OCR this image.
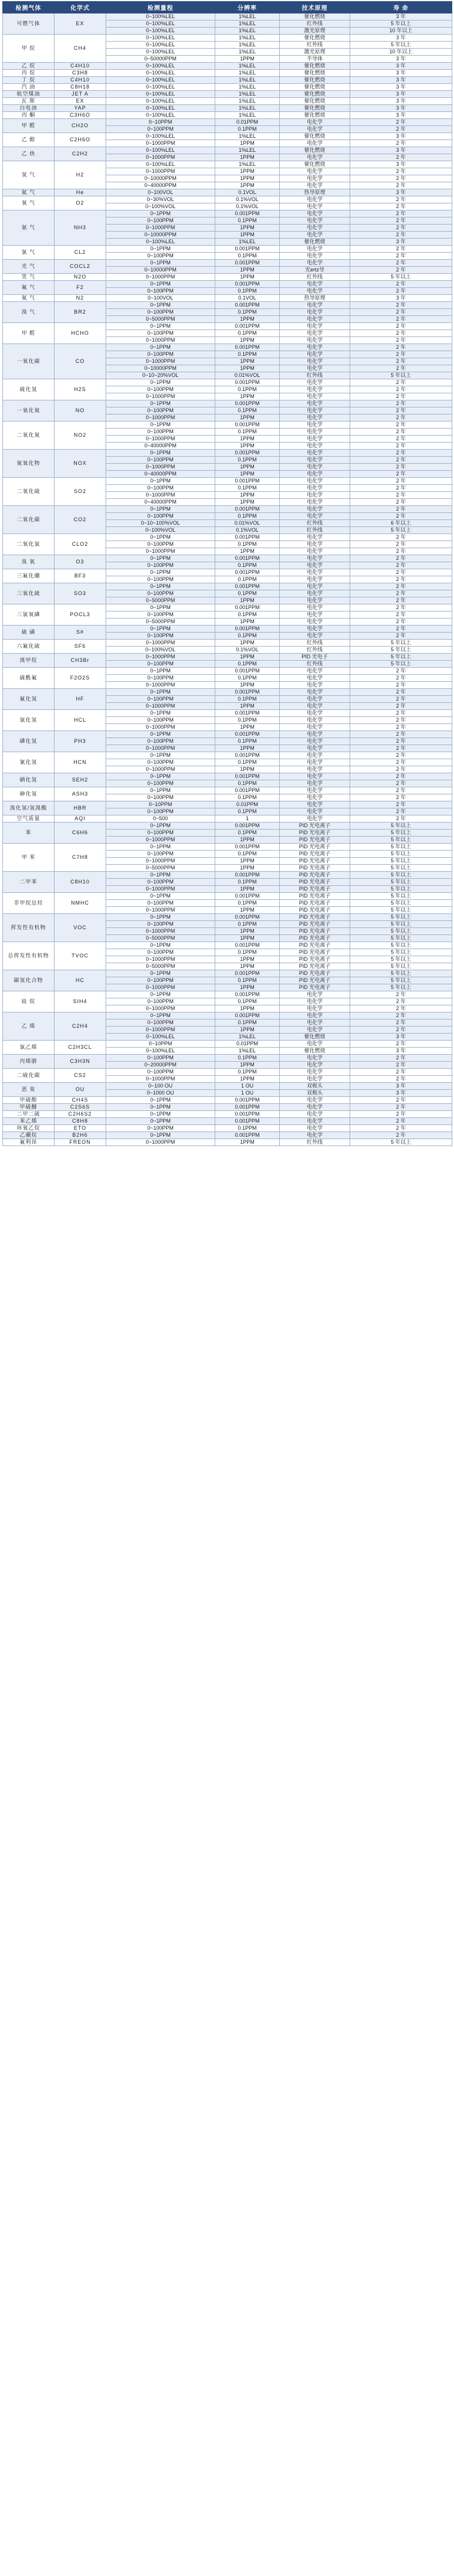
检测气体	化学式	检测量程	分辨率	技术原理	寿 命
可燃气体	EX	0~100%LEL	1%LEL	催化燃烧	3 年
		0~100%LEL	1%LEL	红外线	5 年以上
		0~100%LEL	1%LEL	激光原理	10 年以上
甲 烷	CH4	0~100%LEL	1%LEL	催化燃烧	3 年
		0~100%LEL	1%LEL	红外线	5 年以上
		0~100%LEL	1%LEL	激光原理	10 年以上
		0~50000PPM	1PPM	半导体	3 年
乙 烷	C4H10	0~100%LEL	1%LEL	催化燃烧	3 年
丙 烷	C3H8	0~100%LEL	1%LEL	催化燃烧	3 年
丁 烷	C4H10	0~100%LEL	1%LEL	催化燃烧	3 年
汽 油	C8H18	0~100%LEL	1%LEL	催化燃烧	3 年
航空煤油	JET A	0~100%LEL	1%LEL	催化燃烧	3 年
瓦 斯	EX	0~100%LEL	1%LEL	催化燃烧	3 年
白电油	YAP	0~100%LEL	1%LEL	催化燃烧	3 年
丙 酮	C3H6O	0~100%LEL	1%LEL	催化燃烧	3 年
甲 醛	CH2O	0~10PPM	0.01PPM	电化学	2 年
		0~100PPM	0.1PPM	电化学	2 年
乙 醇	C2H6O	0~100%LEL	1%LEL	催化燃烧	3 年
		0~1000PPM	1PPM	电化学	2 年
乙 炔	C2H2	0~100%LEL	1%LEL	催化燃烧	3 年
		0~1000PPM	1PPM	电化学	2 年
氢 气	H2	0~100%LEL	1%LEL	催化燃烧	3 年
		0~1000PPM	1PPM	电化学	2 年
		0~10000PPM	1PPM	电化学	2 年
		0~40000PPM	1PPM	电化学	2 年
氦 气	He	0~100VOL	0.1VOL	热导原理	3 年
氧 气	O2	0~30%VOL	0.1%VOL	电化学	2 年
		0~100%VOL	0.1%VOL	电化学	2 年
氨 气	NH3	0~1PPM	0.001PPM	电化学	2 年
		0~100PPM	0.1PPM	电化学	2 年
		0~1000PPM	1PPM	电化学	2 年
		0~10000PPM	1PPM	电化学	2 年
		0~100%LEL	1%LEL	催化燃烧	3 年
氯 气	CL2	0~1PPM	0.001PPM	电化学	2 年
		0~100PPM	0.1PPM	电化学	2 年
光 气	COCL2	0~1PPM	0.001PPM	电化学	2 年
		0~10000PPM	1PPM	光ertz导	2 年
笑 气	N2O	0~1000PPM	1PPM	红外线	5 年以上
氟 气	F2	0~1PPM	0.001PPM	电化学	2 年
		0~100PPM	0.1PPM	电化学	2 年
氮 气	N2	0~100VOL	0.1VOL	热导原理	3 年
溴 气	BR2	0~1PPM	0.001PPM	电化学	2 年
		0~100PPM	0.1PPM	电化学	2 年
		0~5000PPM	1PPM	电化学	2 年
甲 醛	HCHO	0~1PPM	0.001PPM	电化学	2 年
		0~100PPM	0.1PPM	电化学	2 年
		0~1000PPM	1PPM	电化学	2 年
一氧化碳	CO	0~1PPM	0.001PPM	电化学	2 年
		0~100PPM	0.1PPM	电化学	2 年
		0~1000PPM	1PPM	电化学	2 年
		0~10000PPM	1PPM	电化学	2 年
		0~10~20%VOL	0.01%VOL	红外线	5 年以上
硫化氢	H2S	0~1PPM	0.001PPM	电化学	2 年
		0~100PPM	0.1PPM	电化学	2 年
		0~1000PPM	1PPM	电化学	2 年
一氧化氮	NO	0~1PPM	0.001PPM	电化学	2 年
		0~100PPM	0.1PPM	电化学	2 年
		0~1000PPM	1PPM	电化学	2 年
二氧化氮	NO2	0~1PPM	0.001PPM	电化学	2 年
		0~100PPM	0.1PPM	电化学	2 年
		0~1000PPM	1PPM	电化学	2 年
		0~40000PPM	1PPM	电化学	2 年
氮氧化物	NOX	0~1PPM	0.001PPM	电化学	2 年
		0~100PPM	0.1PPM	电化学	2 年
		0~1000PPM	1PPM	电化学	2 年
		0~40000PPM	1PPM	电化学	2 年
二氧化硫	SO2	0~1PPM	0.001PPM	电化学	2 年
		0~100PPM	0.1PPM	电化学	2 年
		0~1000PPM	1PPM	电化学	2 年
		0~40000PPM	1PPM	电化学	2 年
二氧化碳	CO2	0~1PPM	0.001PPM	电化学	2 年
		0~100PPM	0.1PPM	电化学	2 年
		0~10~100%VOL	0.01%VOL	红外线	6 年以上
		0~100%VOL	0.1%VOL	红外线	5 年以上
二氧化氯	CLO2	0~1PPM	0.001PPM	电化学	2 年
		0~100PPM	0.1PPM	电化学	2 年
		0~1000PPM	1PPM	电化学	2 年
臭 氧	O3	0~1PPM	0.001PPM	电化学	2 年
		0~100PPM	0.1PPM	电化学	2 年
三氟化硼	BF3	0~1PPM	0.001PPM	电化学	2 年
		0~100PPM	0.1PPM	电化学	2 年
三氧化硫	SO3	0~1PPM	0.001PPM	电化学	2 年
		0~100PPM	0.1PPM	电化学	2 年
		0~5000PPM	1PPM	电化学	2 年
三氯氧磷	POCL3	0~1PPM	0.001PPM	电化学	2 年
		0~100PPM	0.1PPM	电化学	2 年
		0~5000PPM	1PPM	电化学	2 年
硫 磺	S#	0~1PPM	0.001PPM	电化学	2 年
		0~100PPM	0.1PPM	电化学	2 年
六氟化硫	SF6	0~1000PPM	1PPM	红外线	5 年以上
		0~100%VOL	0.1%VOL	红外线	5 年以上
溴甲烷	CH3Br	0~1000PPM	1PPM	PID 光电子	5 年以上
		0~100PPM	0.1PPM	红外线	5 年以上
硫酰氟	F2O2S	0~1PPM	0.001PPM	电化学	2 年
		0~100PPM	0.1PPM	电化学	2 年
		0~1000PPM	1PPM	电化学	2 年
氟化氢	HF	0~1PPM	0.001PPM	电化学	2 年
		0~100PPM	0.1PPM	电化学	2 年
		0~1000PPM	1PPM	电化学	2 年
氯化氢	HCL	0~1PPM	0.001PPM	电化学	2 年
		0~100PPM	0.1PPM	电化学	2 年
		0~1000PPM	1PPM	电化学	2 年
磷化氢	PH3	0~1PPM	0.001PPM	电化学	2 年
		0~100PPM	0.1PPM	电化学	2 年
		0~1000PPM	1PPM	电化学	2 年
氰化氢	HCN	0~1PPM	0.001PPM	电化学	2 年
		0~100PPM	0.1PPM	电化学	2 年
		0~1000PPM	1PPM	电化学	2 年
硒化氢	SEH2	0~1PPM	0.001PPM	电化学	2 年
		0~100PPM	0.1PPM	电化学	2 年
砷化氢	ASH3	0~1PPM	0.001PPM	电化学	2 年
		0~100PPM	0.1PPM	电化学	2 年
溴化氢/氢溴酸	HBR	0~10PPM	0.01PPM	电化学	2 年
		0~100PPM	0.1PPM	电化学	2 年
空气质量	AQI	0~500	1	电化学	2 年
苯	C6H6	0~1PPM	0.001PPM	PID 光电离子	5 年以上
		0~100PPM	0.1PPM	PID 光电离子	5 年以上
		0~1000PPM	1PPM	PID 光电离子	5 年以上
甲 苯	C7H8	0~1PPM	0.001PPM	PID 光电离子	5 年以上
		0~100PPM	0.1PPM	PID 光电离子	5 年以上
		0~1000PPM	1PPM	PID 光电离子	5 年以上
		0~5000PPM	1PPM	PID 光电离子	5 年以上
二甲苯	C8H10	0~1PPM	0.001PPM	PID 光电离子	5 年以上
		0~100PPM	0.1PPM	PID 光电离子	5 年以上
		0~1000PPM	1PPM	PID 光电离子	5 年以上
非甲烷总烃	NMHC	0~1PPM	0.001PPM	PID 光电离子	5 年以上
		0~100PPM	0.1PPM	PID 光电离子	5 年以上
		0~1000PPM	1PPM	PID 光电离子	5 年以上
挥发性有机物	VOC	0~1PPM	0.001PPM	PID 光电离子	5 年以上
		0~100PPM	0.1PPM	PID 光电离子	5 年以上
		0~1000PPM	1PPM	PID 光电离子	5 年以上
		0~5000PPM	1PPM	PID 光电离子	5 年以上
总挥发性有机物	TVOC	0~1PPM	0.001PPM	PID 光电离子	5 年以上
		0~100PPM	0.1PPM	PID 光电离子	5 年以上
		0~1000PPM	1PPM	PID 光电离子	5 年以上
		0~5000PPM	1PPM	PID 光电离子	5 年以上
碳氢化合物	HC	0~1PPM	0.001PPM	PID 光电离子	5 年以上
		0~100PPM	0.1PPM	PID 光电离子	5 年以上
		0~1000PPM	1PPM	PID 光电离子	5 年以上
硅 烷	SIH4	0~1PPM	0.001PPM	电化学	2 年
		0~100PPM	0.1PPM	电化学	2 年
		0~1000PPM	1PPM	电化学	2 年
乙 烯	C2H4	0~1PPM	0.001PPM	电化学	2 年
		0~100PPM	0.1PPM	电化学	2 年
		0~1000PPM	1PPM	电化学	2 年
		0~100%LEL	1%LEL	催化燃烧	3 年
氯乙烯	C2H3CL	0~10PPM	0.01PPM	电化学	2 年
		0~100%LEL	1%LEL	催化燃烧	3 年
丙烯腈	C3H3N	0~100PPM	0.1PPM	电化学	2 年
		0~20000PPM	1PPM	电化学	2 年
二硫化碳	CS2	0~100PPM	0.1PPM	电化学	2 年
		0~1000PPM	1PPM	电化学	2 年
恶 臭	OU	0~100 OU	1 OU	双极头	3 年
		0~1000 OU	1 OU	双极头	3 年
甲硫醇	CH4S	0~1PPM	0.001PPM	电化学	2 年
甲硫醚	C2S6S	0~1PPM	0.001PPM	电化学	2 年
二甲二硫	C2H6S2	0~1PPM	0.001PPM	电化学	2 年
苯乙烯	C8H8	0~1PPM	0.001PPM	电化学	2 年
环氧乙烷	ETO	0~100PPM	0.1PPM	电化学	2 年
乙硼烷	B2H6	0~1PPM	0.001PPM	电化学	2 年
氟利昂	FREON	0~1000PPM	1PPM	红外线	5 年以上
